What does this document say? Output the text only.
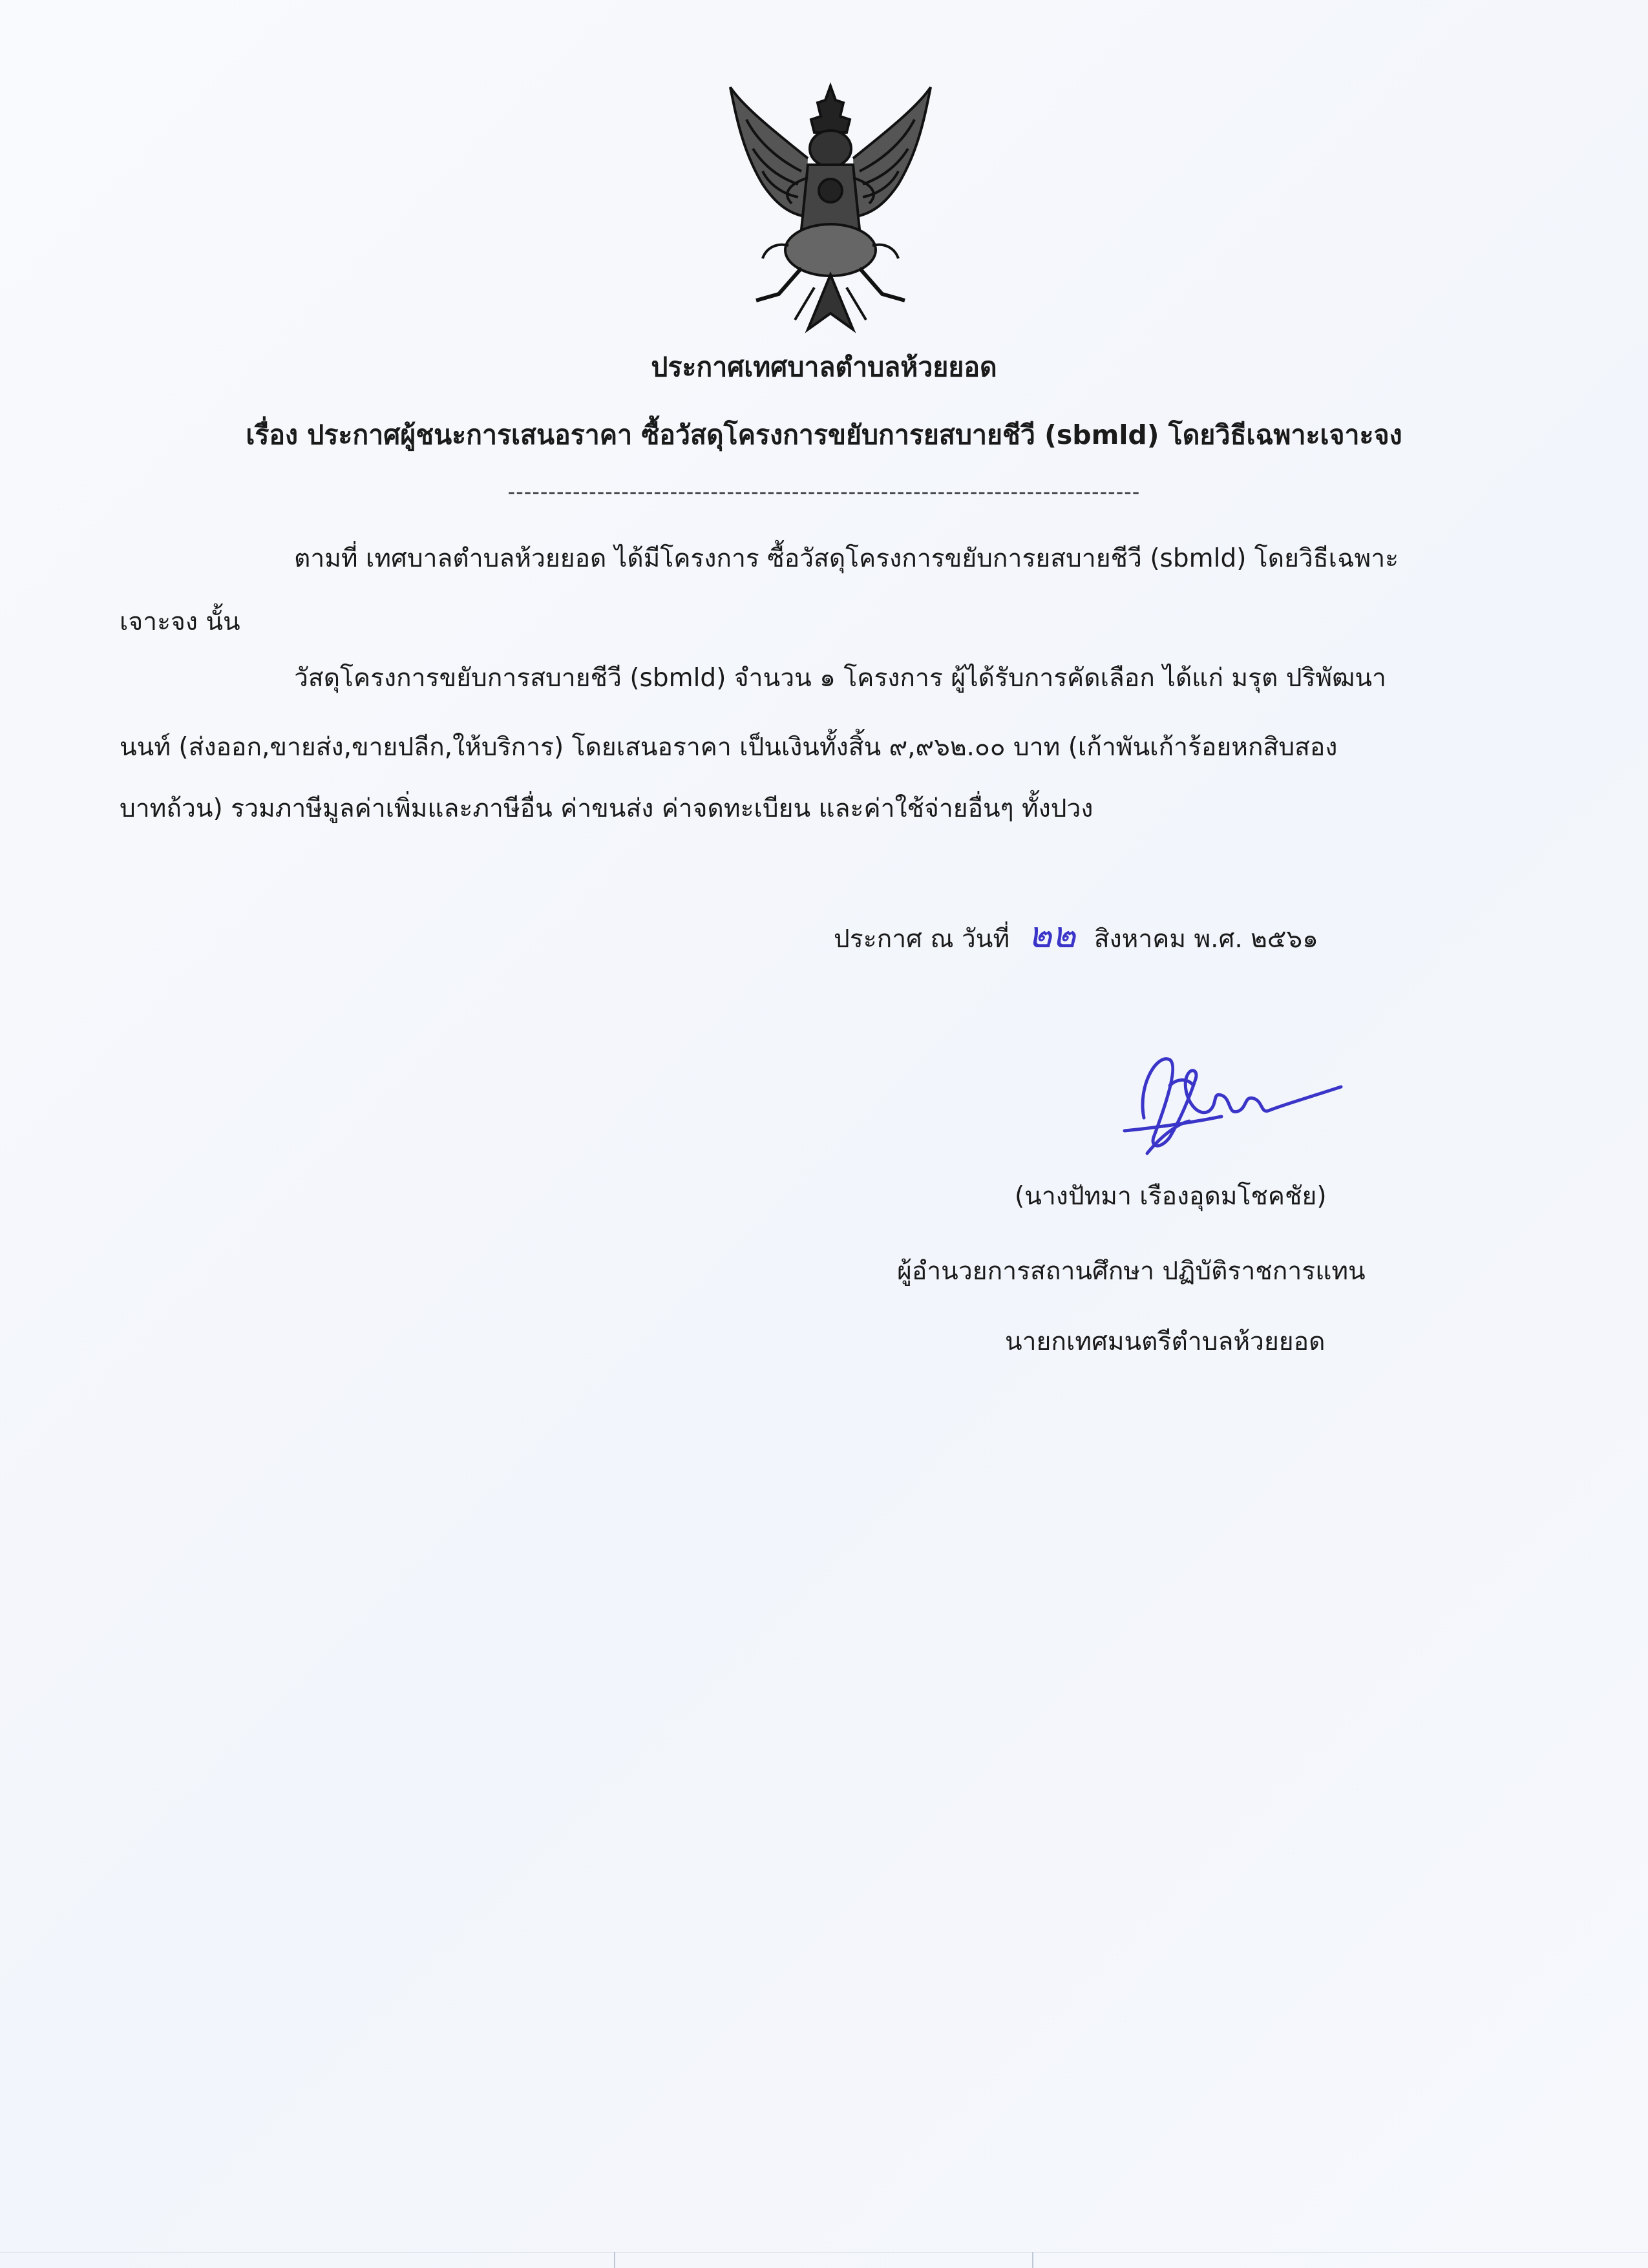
ประกาศเทศบาลตำบลห้วยยอด
เรื่อง ประกาศผู้ชนะการเสนอราคา ซื้อวัสดุโครงการขยับการยสบายชีวี (sbmld) โดยวิธีเฉพาะเจาะจง
------------------------------------------------------------------------------
ตามที่ เทศบาลตำบลห้วยยอด ได้มีโครงการ ซื้อวัสดุโครงการขยับการยสบายชีวี (sbmld) โดยวิธีเฉพาะ
เจาะจง นั้น
วัสดุโครงการขยับการสบายชีวี (sbmld) จำนวน ๑ โครงการ ผู้ได้รับการคัดเลือก ได้แก่ มรุต ปริพัฒนา
นนท์ (ส่งออก,ขายส่ง,ขายปลีก,ให้บริการ) โดยเสนอราคา เป็นเงินทั้งสิ้น ๙,๙๖๒.๐๐ บาท (เก้าพันเก้าร้อยหกสิบสอง
บาทถ้วน) รวมภาษีมูลค่าเพิ่มและภาษีอื่น ค่าขนส่ง ค่าจดทะเบียน และค่าใช้จ่ายอื่นๆ ทั้งปวง
ประกาศ ณ วันที่ ๒๒ สิงหาคม พ.ศ. ๒๕๖๑
(นางปัทมา เรืองอุดมโชคชัย)
ผู้อำนวยการสถานศึกษา ปฏิบัติราชการแทน
นายกเทศมนตรีตำบลห้วยยอด
